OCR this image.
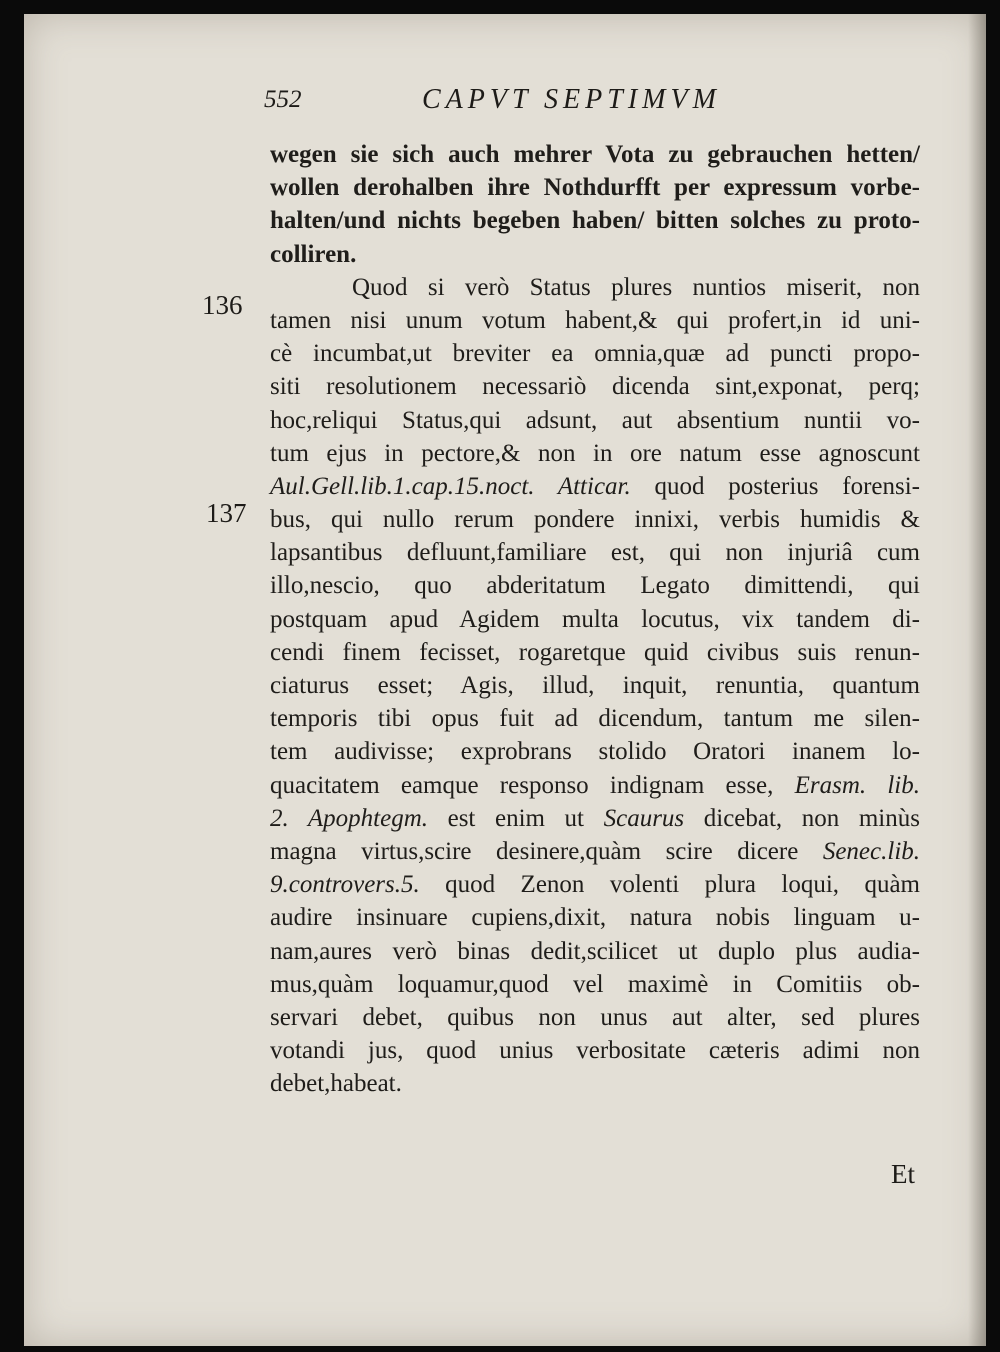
552	CAPVT SEPTIMVM
136
137
wegen sie sich auch mehrer Vota zu gebrauchen hetten/
wollen derohalben ihre Nothdurfft per expressum vorbe-
halten/und nichts begeben haben/ bitten solches zu proto-
colliren.
Quod si verò Status plures nuntios miserit, non
tamen nisi unum votum habent,& qui profert,in id uni-
cè incumbat,ut breviter ea omnia,quæ ad puncti propo-
siti resolutionem necessariò dicenda sint,exponat, perq;
hoc,reliqui Status,qui adsunt, aut absentium nuntii vo-
tum ejus in pectore,& non in ore natum esse agnoscunt
Aul.Gell.lib.1.cap.15.noct. Atticar. quod posterius forensi-
bus, qui nullo rerum pondere innixi, verbis humidis &
lapsantibus defluunt,familiare est, qui non injuriâ cum
illo,nescio, quo abderitatum Legato dimittendi, qui
postquam apud Agidem multa locutus, vix tandem di-
cendi finem fecisset, rogaretque quid civibus suis renun-
ciaturus esset; Agis, illud, inquit, renuntia, quantum
temporis tibi opus fuit ad dicendum, tantum me silen-
tem audivisse; exprobrans stolido Oratori inanem lo-
quacitatem eamque responso indignam esse, Erasm. lib.
2. Apophtegm. est enim ut Scaurus dicebat, non minùs
magna virtus,scire desinere,quàm scire dicere Senec.lib.
9.controvers.5. quod Zenon volenti plura loqui, quàm
audire insinuare cupiens,dixit, natura nobis linguam u-
nam,aures verò binas dedit,scilicet ut duplo plus audia-
mus,quàm loquamur,quod vel maximè in Comitiis ob-
servari debet, quibus non unus aut alter, sed plures
votandi jus, quod unius verbositate cæteris adimi non
debet,habeat.
Et
